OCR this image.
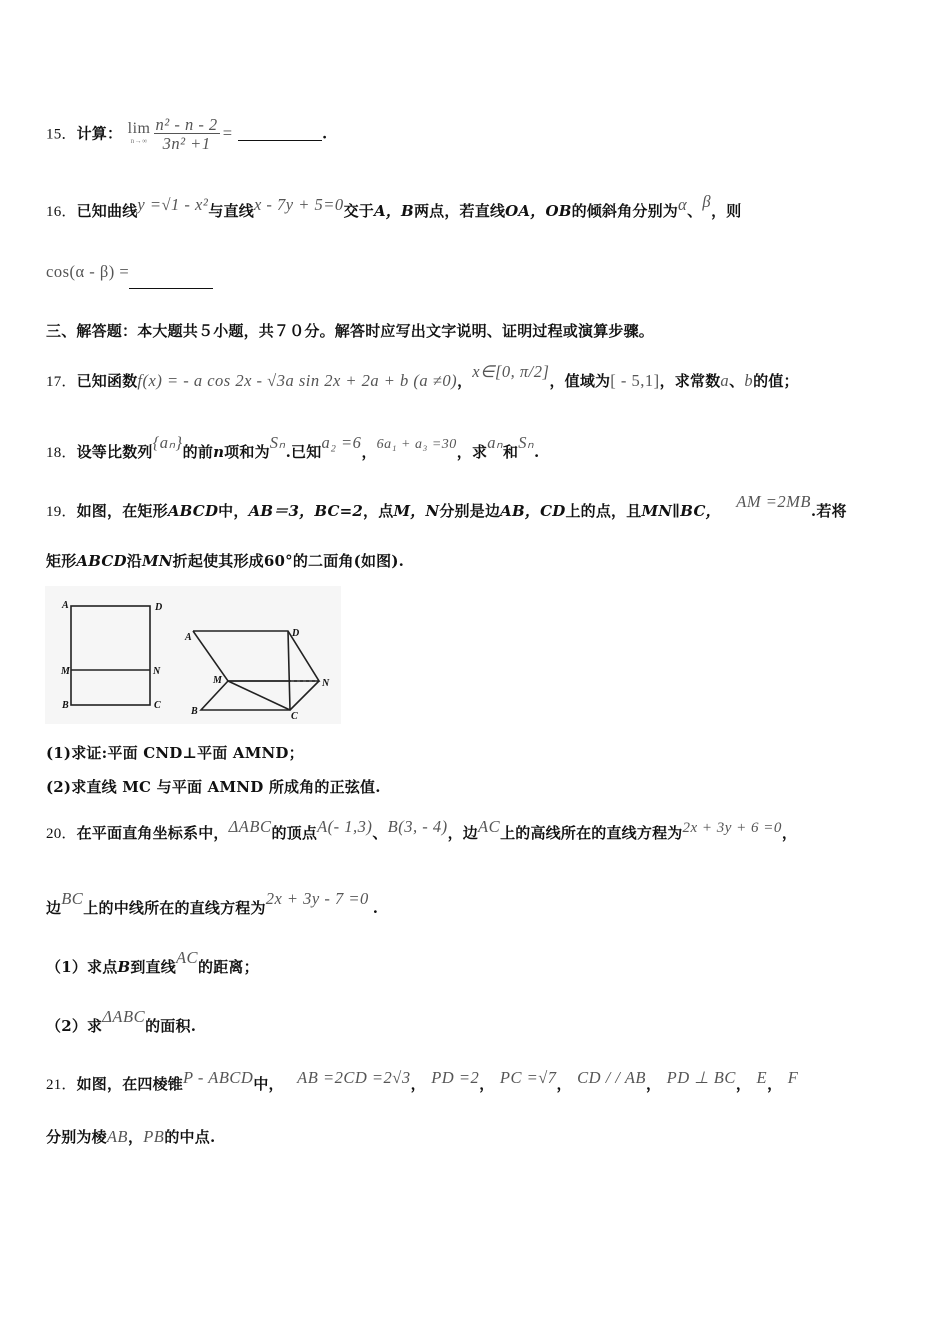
15．计算： lim
$n\to\infty \frac{\text{n² - n - 2}}{\text{3n² +1}}$ =	.
16．已知曲线y =√1 - x²与直线x - 7y + 5=0交于A，B两点，若直线OA，OB的倾斜角分别为α、β，则
cos(α - β) =
三、解答题：本大题共５小题，共７０分。解答时应写出文字说明、证明过程或演算步骤。
17．已知函数f(x) = - a cos 2x - √3a sin 2x + 2a + b (a ≠0)，x∈[0, π/2]，值域为[ - 5,1]，求常数a、b的值；
18．设等比数列{aₙ}的前n项和为Sₙ.已知a₂ =6，6a₁ + a₃ =30，求aₙ和Sₙ.
19．如图，在矩形ABCD中，AB＝3，BC=2，点M，N分别是边AB，CD上的点，且MN∥BC， AM =2MB.若将
矩形ABCD沿MN折起使其形成60°的二面角(如图).
A	D
M	N
B	C
A	D
M	N
B	C
(1)求证:平面 CND⊥平面 AMND；
(2)求直线 MC 与平面 AMND 所成角的正弦值.
20．在平面直角坐标系中，ΔABC的顶点A(- 1,3)、B(3, - 4)，边AC上的高线所在的直线方程为2x + 3y + 6 =0，
边BC上的中线所在的直线方程为2x + 3y - 7 =0 .
（1）求点B到直线AC的距离；
（2）求ΔABC的面积.
21．如图，在四棱锥P - ABCD中， AB =2CD =2√3， PD =2， PC =√7， CD / / AB， PD ⊥ BC， E， F
分别为棱AB，PB的中点.
